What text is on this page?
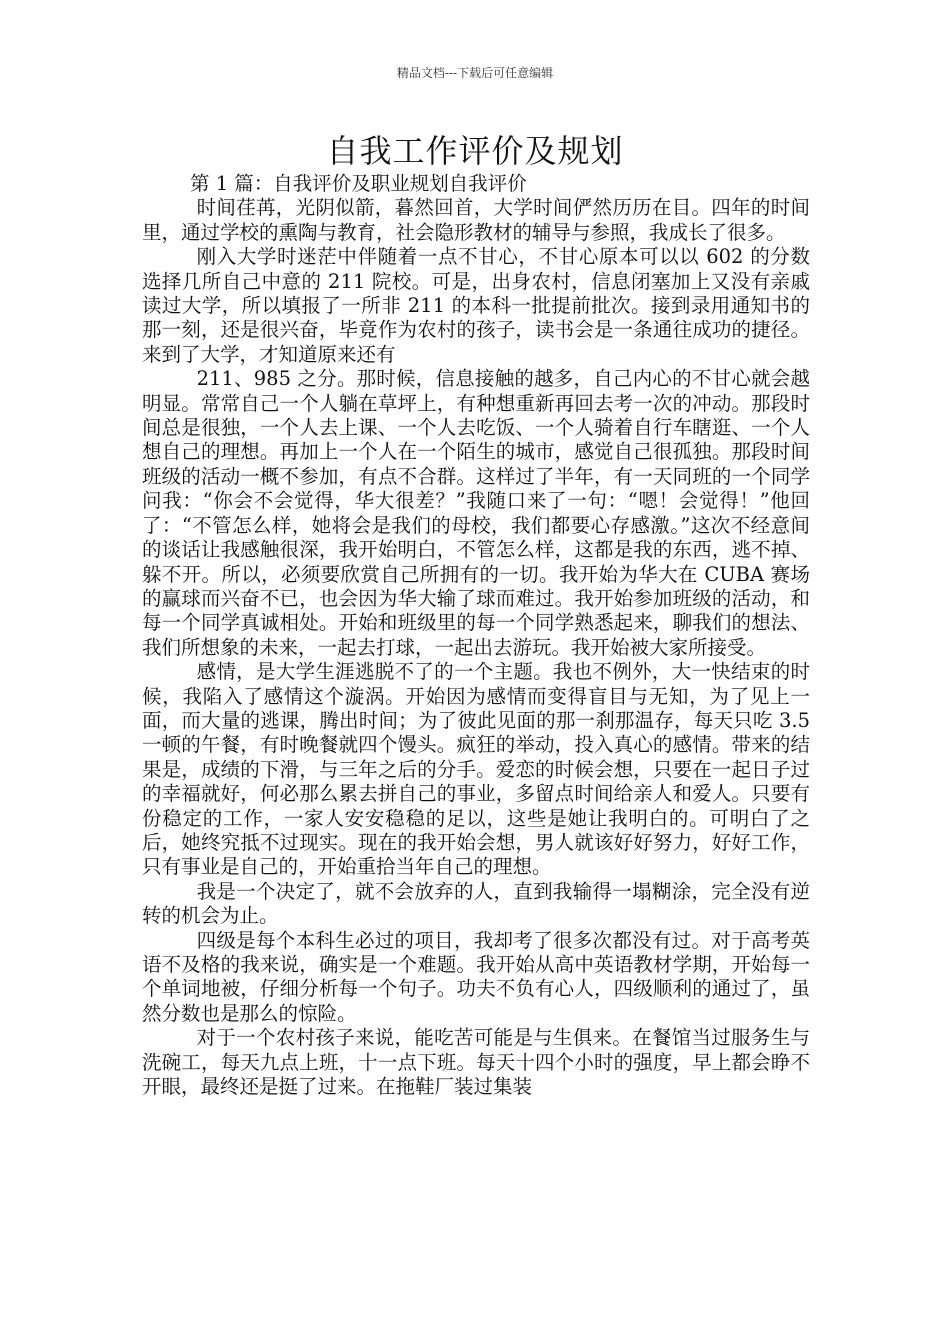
精品文档---下载后可任意编辑
自我工作评价及规划

第 1 篇：自我评价及职业规划自我评价

时间荏苒，光阴似箭，暮然回首，大学时间俨然历历在目。四年的时间里，通过学校的熏陶与教育，社会隐形教材的辅导与参照，我成长了很多。

刚入大学时迷茫中伴随着一点不甘心，不甘心原本可以以 602 的分数选择几所自己中意的 211 院校。可是，出身农村，信息闭塞加上又没有亲戚读过大学，所以填报了一所非 211 的本科一批提前批次。接到录用通知书的那一刻，还是很兴奋，毕竟作为农村的孩子，读书会是一条通往成功的捷径。来到了大学，才知道原来还有

211、985 之分。那时候，信息接触的越多，自己内心的不甘心就会越明显。常常自己一个人躺在草坪上，有种想重新再回去考一次的冲动。那段时间总是很独，一个人去上课、一个人去吃饭、一个人骑着自行车瞎逛、一个人想自己的理想。再加上一个人在一个陌生的城市，感觉自己很孤独。那段时间班级的活动一概不参加，有点不合群。这样过了半年，有一天同班的一个同学问我：“你会不会觉得，华大很差？”我随口来了一句：“嗯！会觉得！”他回了：“不管怎么样，她将会是我们的母校，我们都要心存感激。”这次不经意间的谈话让我感触很深，我开始明白，不管怎么样，这都是我的东西，逃不掉、躲不开。所以，必须要欣赏自己所拥有的一切。我开始为华大在 CUBA 赛场的赢球而兴奋不已，也会因为华大输了球而难过。我开始参加班级的活动，和每一个同学真诚相处。开始和班级里的每一个同学熟悉起来，聊我们的想法、我们所想象的未来，一起去打球，一起出去游玩。我开始被大家所接受。

感情，是大学生涯逃脱不了的一个主题。我也不例外，大一快结束的时候，我陷入了感情这个漩涡。开始因为感情而变得盲目与无知，为了见上一面，而大量的逃课，腾出时间；为了彼此见面的那一刹那温存，每天只吃 3.5 一顿的午餐，有时晚餐就四个馒头。疯狂的举动，投入真心的感情。带来的结果是，成绩的下滑，与三年之后的分手。爱恋的时候会想，只要在一起日子过的幸福就好，何必那么累去拼自己的事业，多留点时间给亲人和爱人。只要有份稳定的工作，一家人安安稳稳的足以，这些是她让我明白的。可明白了之后，她终究抵不过现实。现在的我开始会想，男人就该好好努力，好好工作，只有事业是自己的，开始重拾当年自己的理想。

我是一个决定了，就不会放弃的人，直到我输得一塌糊涂，完全没有逆转的机会为止。

四级是每个本科生必过的项目，我却考了很多次都没有过。对于高考英语不及格的我来说，确实是一个难题。我开始从高中英语教材学期，开始每一个单词地被，仔细分析每一个句子。功夫不负有心人，四级顺利的通过了，虽然分数也是那么的惊险。

对于一个农村孩子来说，能吃苦可能是与生俱来。在餐馆当过服务生与洗碗工，每天九点上班，十一点下班。每天十四个小时的强度，早上都会睁不开眼，最终还是挺了过来。在拖鞋厂装过集装
